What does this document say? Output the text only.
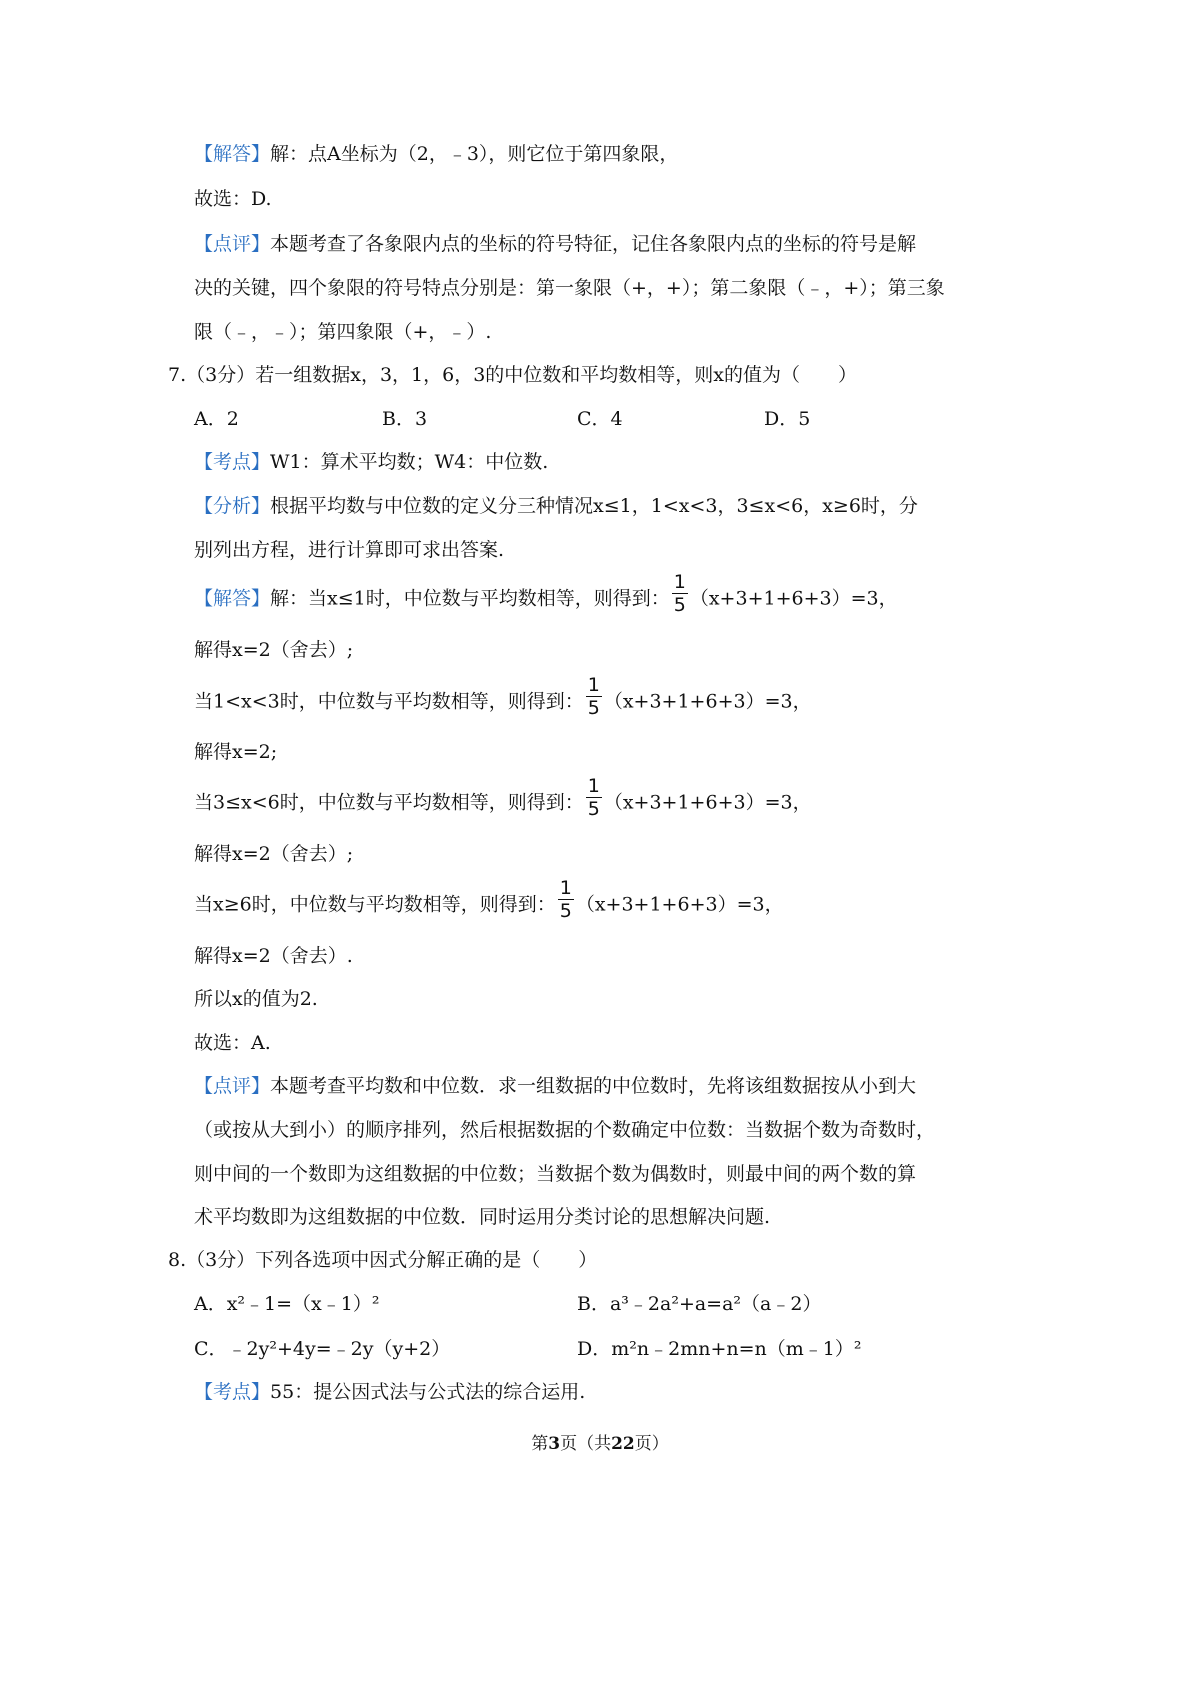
【解答】解：点A坐标为（2，﹣3），则它位于第四象限，
故选：D.
【点评】本题考查了各象限内点的坐标的符号特征，记住各象限内点的坐标的符号是解
决的关键，四个象限的符号特点分别是：第一象限（+，+）；第二象限（﹣，+）；第三象
限（﹣，﹣）；第四象限（+，﹣）.
7.（3分）若一组数据x，3，1，6，3的中位数和平均数相等，则x的值为（　　）
A．2	B．3	C．4	D．5
【考点】W1：算术平均数；W4：中位数.
【分析】根据平均数与中位数的定义分三种情况x≤1，1<x<3，3≤x<6，x≥6时，分
别列出方程，进行计算即可求出答案.
【解答】解：当x≤1时，中位数与平均数相等，则得到： $\frac{1}{5} (x+3+1+6+3)=3$，
解得x=2（舍去）;
当1<x<3时，中位数与平均数相等，则得到： $\frac{1}{5} (x+3+1+6+3)=3$，
解得x=2;
当3≤x<6时，中位数与平均数相等，则得到： $\frac{1}{5} (x+3+1+6+3)=3$，
解得x=2（舍去）;
当x≥6时，中位数与平均数相等，则得到： $\frac{1}{5} (x+3+1+6+3)=3$，
解得x=2（舍去）.
所以x的值为2.
故选：A.
【点评】本题考查平均数和中位数．求一组数据的中位数时，先将该组数据按从小到大
（或按从大到小）的顺序排列，然后根据数据的个数确定中位数：当数据个数为奇数时，
则中间的一个数即为这组数据的中位数；当数据个数为偶数时，则最中间的两个数的算
术平均数即为这组数据的中位数．同时运用分类讨论的思想解决问题.
8.（3分）下列各选项中因式分解正确的是（　　）
A．x²﹣1=（x﹣1）²	B．a³﹣2a²+a=a²（a﹣2）
C．﹣2y²+4y=﹣2y（y+2）	D．m²n﹣2mn+n=n（m﹣1）²
【考点】55：提公因式法与公式法的综合运用.
第3页（共22页）
